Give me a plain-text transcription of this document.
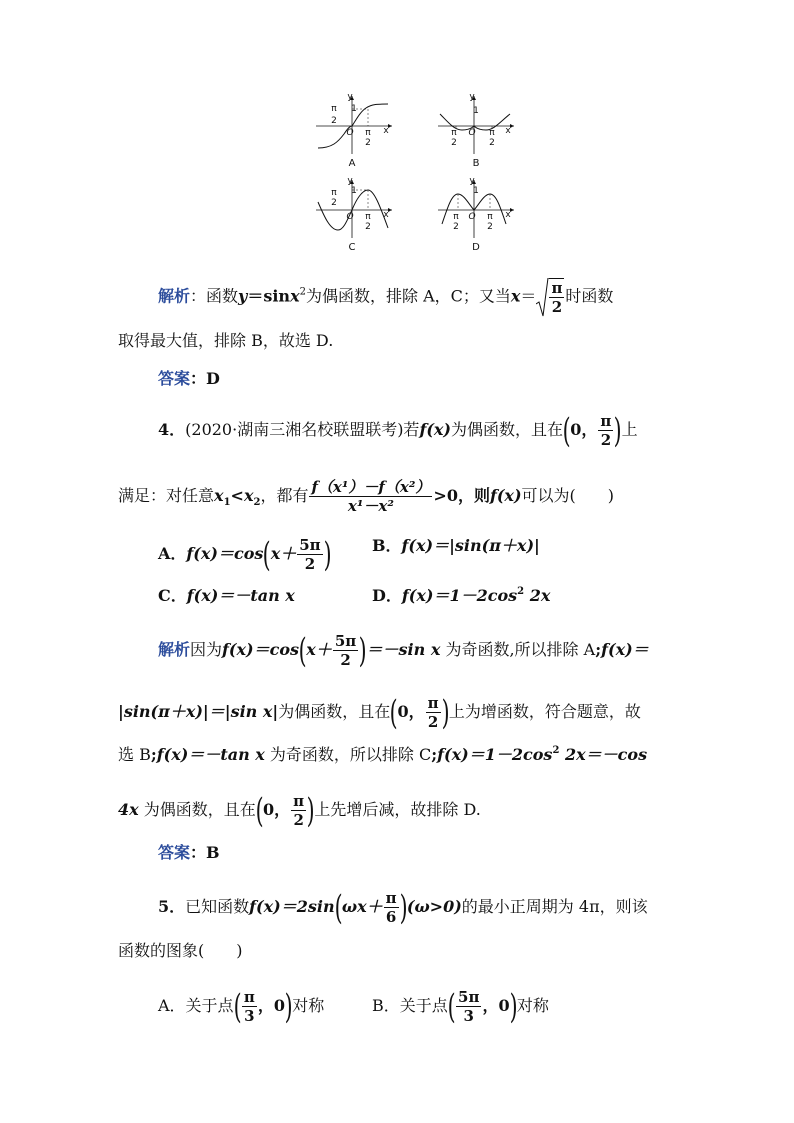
y
x
1
O
π
2
π
2
A
y
x
1
O
π
2
π
2
B
y
x
1
O
π
2
π
2
C
y
x
1
O
π
2
π
2
D
解析：函数y＝sinx$^2$为偶函数，排除 A，C；又当$x= \frac{\pi}{2}$ 时函数
取得最大值，排除 B，故选 D.
答案：D
4．(2020·湖南三湘名校联盟联考)若f(x)为偶函数，且在(0， $\frac{\pi}{2}$ )上
满足：对任意$x_1<x_2$，都有 $\frac{\text{f（x¹）－f（x²）}}{\text{x¹－x²}} >0$，则f(x)可以为(　　)
A．$f(x)=\cos(x+ \frac{5\pi}{2}$ )	B．f(x)＝|sin(π＋x)|
C．f(x)＝－tan x	D．$f(x)=1-2\cos^2$ 2x
解析因为$f(x)=\cos(x+ \frac{5\pi}{2} )=-\sin$ x 为奇函数,所以排除 A;f(x)＝
|sin(π＋x)|＝|sin x|为偶函数，且在(0， $\frac{\pi}{2}$ )上为增函数，符合题意，故
选 B;f(x)＝－tan x 为奇函数，所以排除 $C;f(x)=1-2\cos^2$ 2x＝－cos
4x 为偶函数，且在(0， $\frac{\pi}{2}$ )上先增后减，故排除 D.
答案：B
5．已知函数$f(x)=2\sin(\omega x+ \frac{\pi}{6} )(\omega>0)$的最小正周期为 4π，则该
函数的图象(　　)
A．关于点( $\frac{\pi}{3}$ ，0)对称	B．关于点( $\frac{5\pi}{3}$ ，0)对称
